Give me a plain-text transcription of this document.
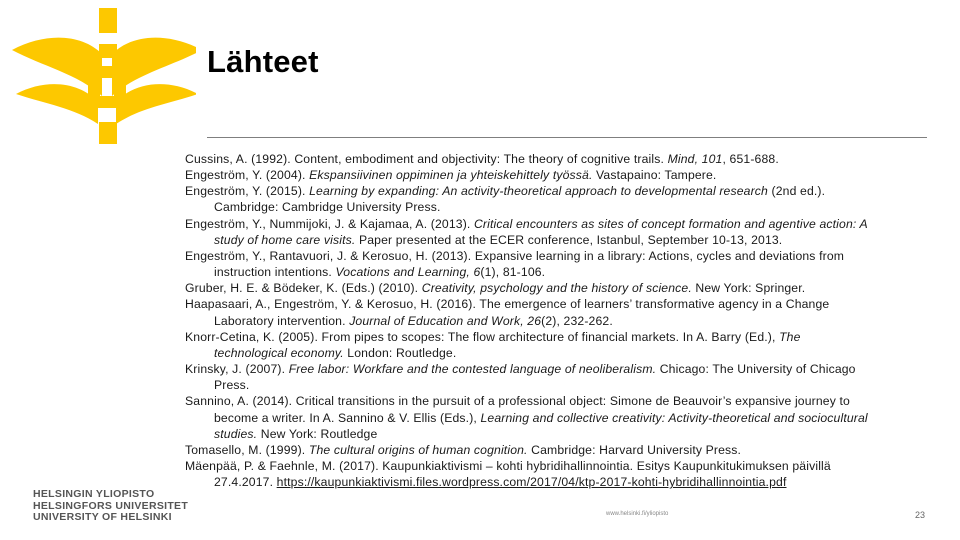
Lähteet

Cussins, A. (1992). Content, embodiment and objectivity: The theory of cognitive trails. Mind, 101, 651-688.

Engeström, Y. (2004). Ekspansiivinen oppiminen ja yhteiskehittely työssä. Vastapaino: Tampere.

Engeström, Y. (2015). Learning by expanding: An activity-theoretical approach to developmental research (2nd ed.). Cambridge: Cambridge University Press.

Engeström, Y., Nummijoki, J. & Kajamaa, A. (2013). Critical encounters as sites of concept formation and agentive action: A study of home care visits. Paper presented at the ECER conference, Istanbul, September 10-13, 2013.

Engeström, Y., Rantavuori, J. & Kerosuo, H. (2013). Expansive learning in a library: Actions, cycles and deviations from instruction intentions. Vocations and Learning, 6(1), 81-106.

Gruber, H. E. & Bödeker, K. (Eds.) (2010). Creativity, psychology and the history of science. New York: Springer.

Haapasaari, A., Engeström, Y. & Kerosuo, H. (2016). The emergence of learners’ transformative agency in a Change Laboratory intervention. Journal of Education and Work, 26(2), 232-262.

Knorr-Cetina, K. (2005). From pipes to scopes: The flow architecture of financial markets. In A. Barry (Ed.), The technological economy. London: Routledge.

Krinsky, J. (2007). Free labor: Workfare and the contested language of neoliberalism. Chicago: The University of Chicago Press.

Sannino, A. (2014). Critical transitions in the pursuit of a professional object: Simone de Beauvoir’s expansive journey to become a writer. In A. Sannino & V. Ellis (Eds.), Learning and collective creativity: Activity-theoretical and sociocultural studies. New York: Routledge

Tomasello, M. (1999). The cultural origins of human cognition. Cambridge: Harvard University Press.

Mäenpää, P. & Faehnle, M. (2017). Kaupunkiaktivismi – kohti hybridihallinnointia. Esitys Kaupunkitukimuksen päivillä 27.4.2017. https://kaupunkiaktivismi.files.wordpress.com/2017/04/ktp-2017-kohti-hybridihallinnointia.pdf

HELSINGIN YLIOPISTO
HELSINGFORS UNIVERSITET
UNIVERSITY OF HELSINKI	www.helsinki.fi/yliopisto	23
